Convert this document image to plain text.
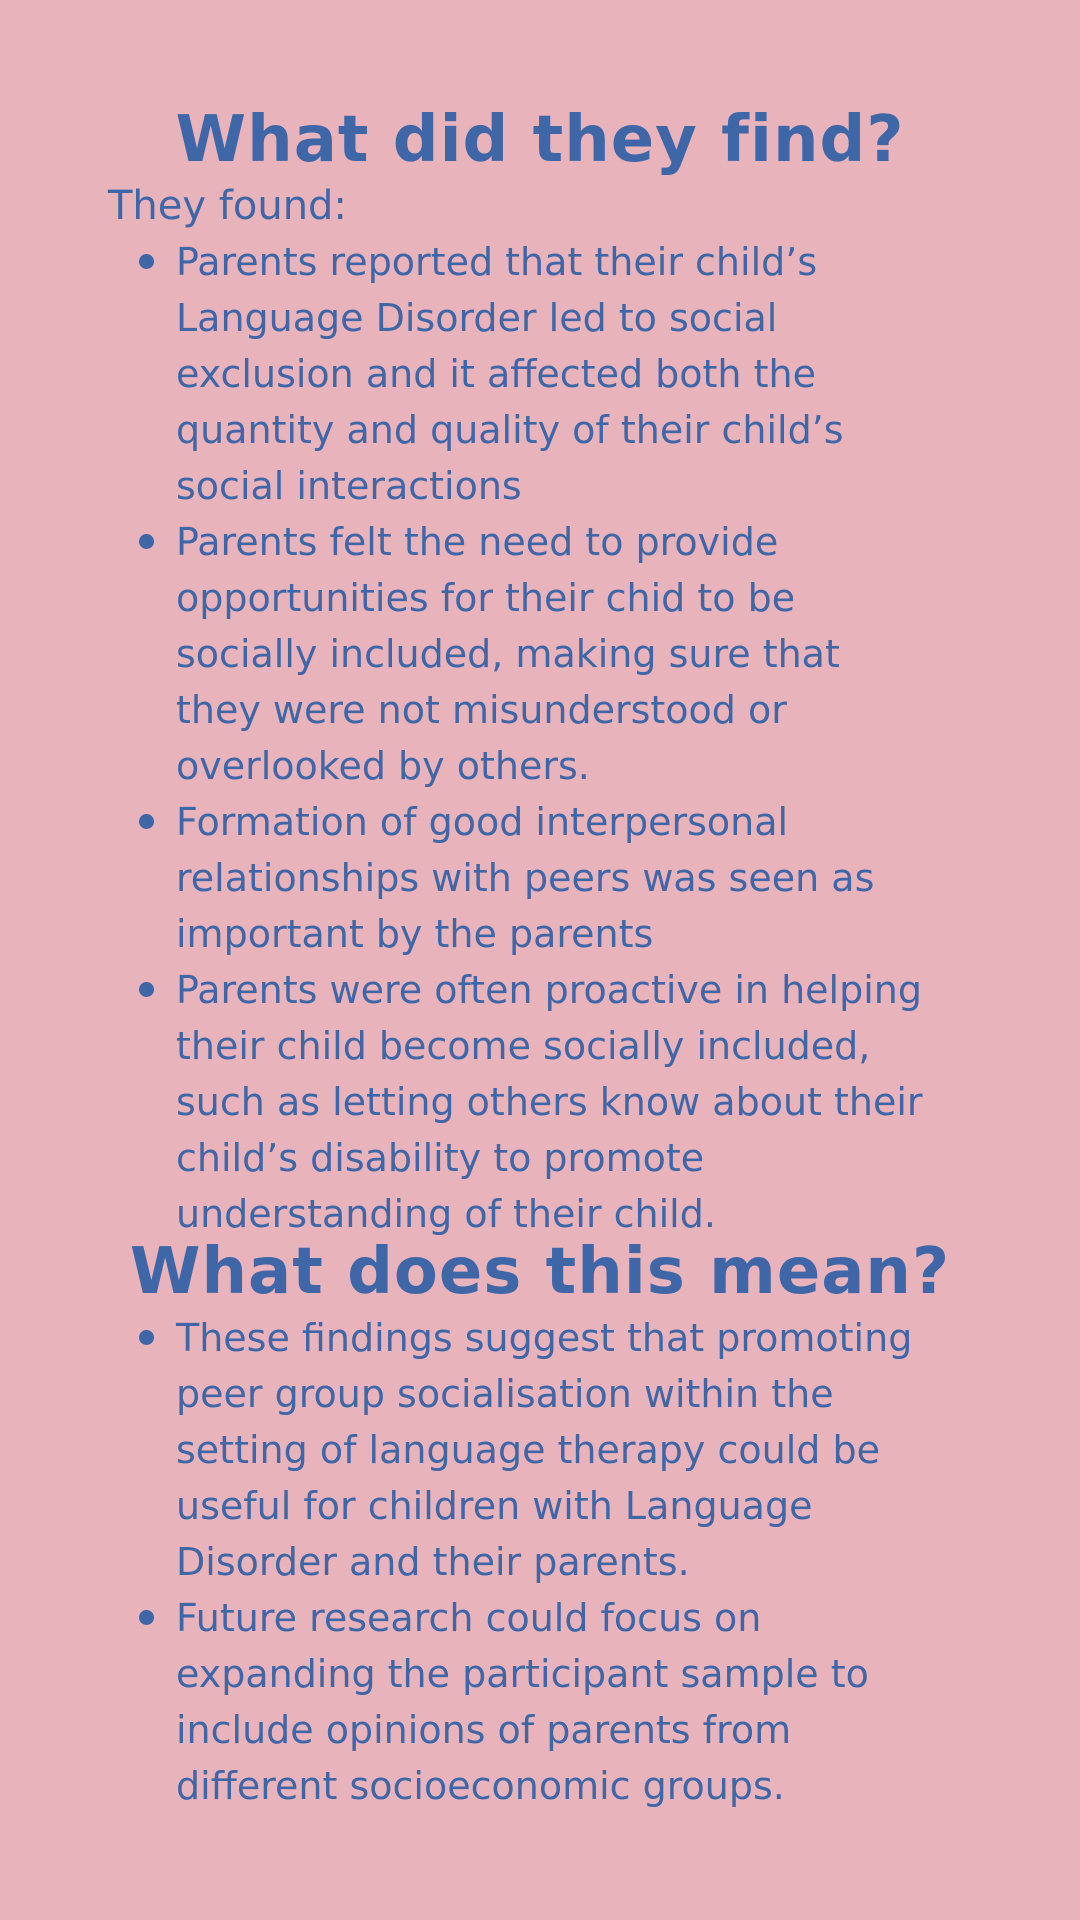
What did they find?

They found:

Parents reported that their child’s
Language Disorder led to social
exclusion and it affected both the
quantity and quality of their child’s
social interactions
Parents felt the need to provide
opportunities for their chid to be
socially included, making sure that
they were not misunderstood or
overlooked by others.
Formation of good interpersonal
relationships with peers was seen as
important by the parents
Parents were often proactive in helping
their child become socially included,
such as letting others know about their
child’s disability to promote
understanding of their child.
What does this mean?
These findings suggest that promoting
peer group socialisation within the
setting of language therapy could be
useful for children with Language
Disorder and their parents.
Future research could focus on
expanding the participant sample to
include opinions of parents from
different socioeconomic groups.
